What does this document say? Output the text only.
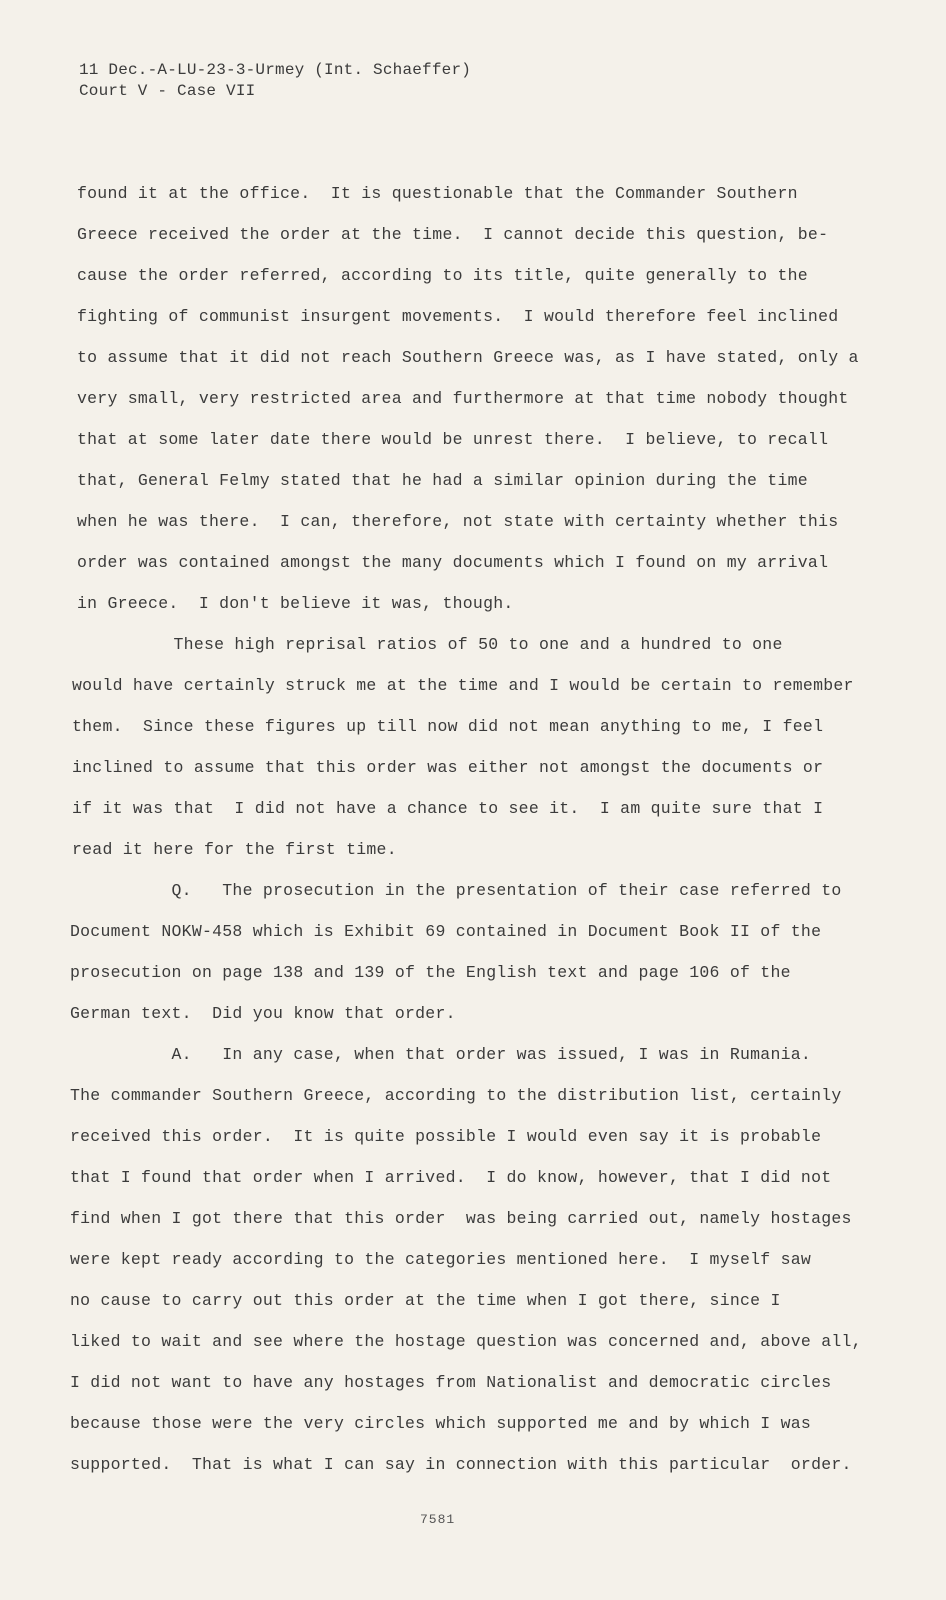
11 Dec.-A-LU-23-3-Urmey (Int. Schaeffer)
Court V - Case VII
found it at the office.  It is questionable that the Commander Southern
Greece received the order at the time.  I cannot decide this question, be-
cause the order referred, according to its title, quite generally to the
fighting of communist insurgent movements.  I would therefore feel inclined
to assume that it did not reach Southern Greece was, as I have stated, only a
very small, very restricted area and furthermore at that time nobody thought
that at some later date there would be unrest there.  I believe, to recall
that, General Felmy stated that he had a similar opinion during the time
when he was there.  I can, therefore, not state with certainty whether this
order was contained amongst the many documents which I found on my arrival
in Greece.  I don't believe it was, though.
These high reprisal ratios of 50 to one and a hundred to one
would have certainly struck me at the time and I would be certain to remember
them.  Since these figures up till now did not mean anything to me, I feel
inclined to assume that this order was either not amongst the documents or
if it was that  I did not have a chance to see it.  I am quite sure that I
read it here for the first time.
Q.   The prosecution in the presentation of their case referred to
Document NOKW-458 which is Exhibit 69 contained in Document Book II of the
prosecution on page 138 and 139 of the English text and page 106 of the
German text.  Did you know that order.
A.   In any case, when that order was issued, I was in Rumania.
The commander Southern Greece, according to the distribution list, certainly
received this order.  It is quite possible I would even say it is probable
that I found that order when I arrived.  I do know, however, that I did not
find when I got there that this order  was being carried out, namely hostages
were kept ready according to the categories mentioned here.  I myself saw
no cause to carry out this order at the time when I got there, since I
liked to wait and see where the hostage question was concerned and, above all,
I did not want to have any hostages from Nationalist and democratic circles
because those were the very circles which supported me and by which I was
supported.  That is what I can say in connection with this particular  order.
7581
